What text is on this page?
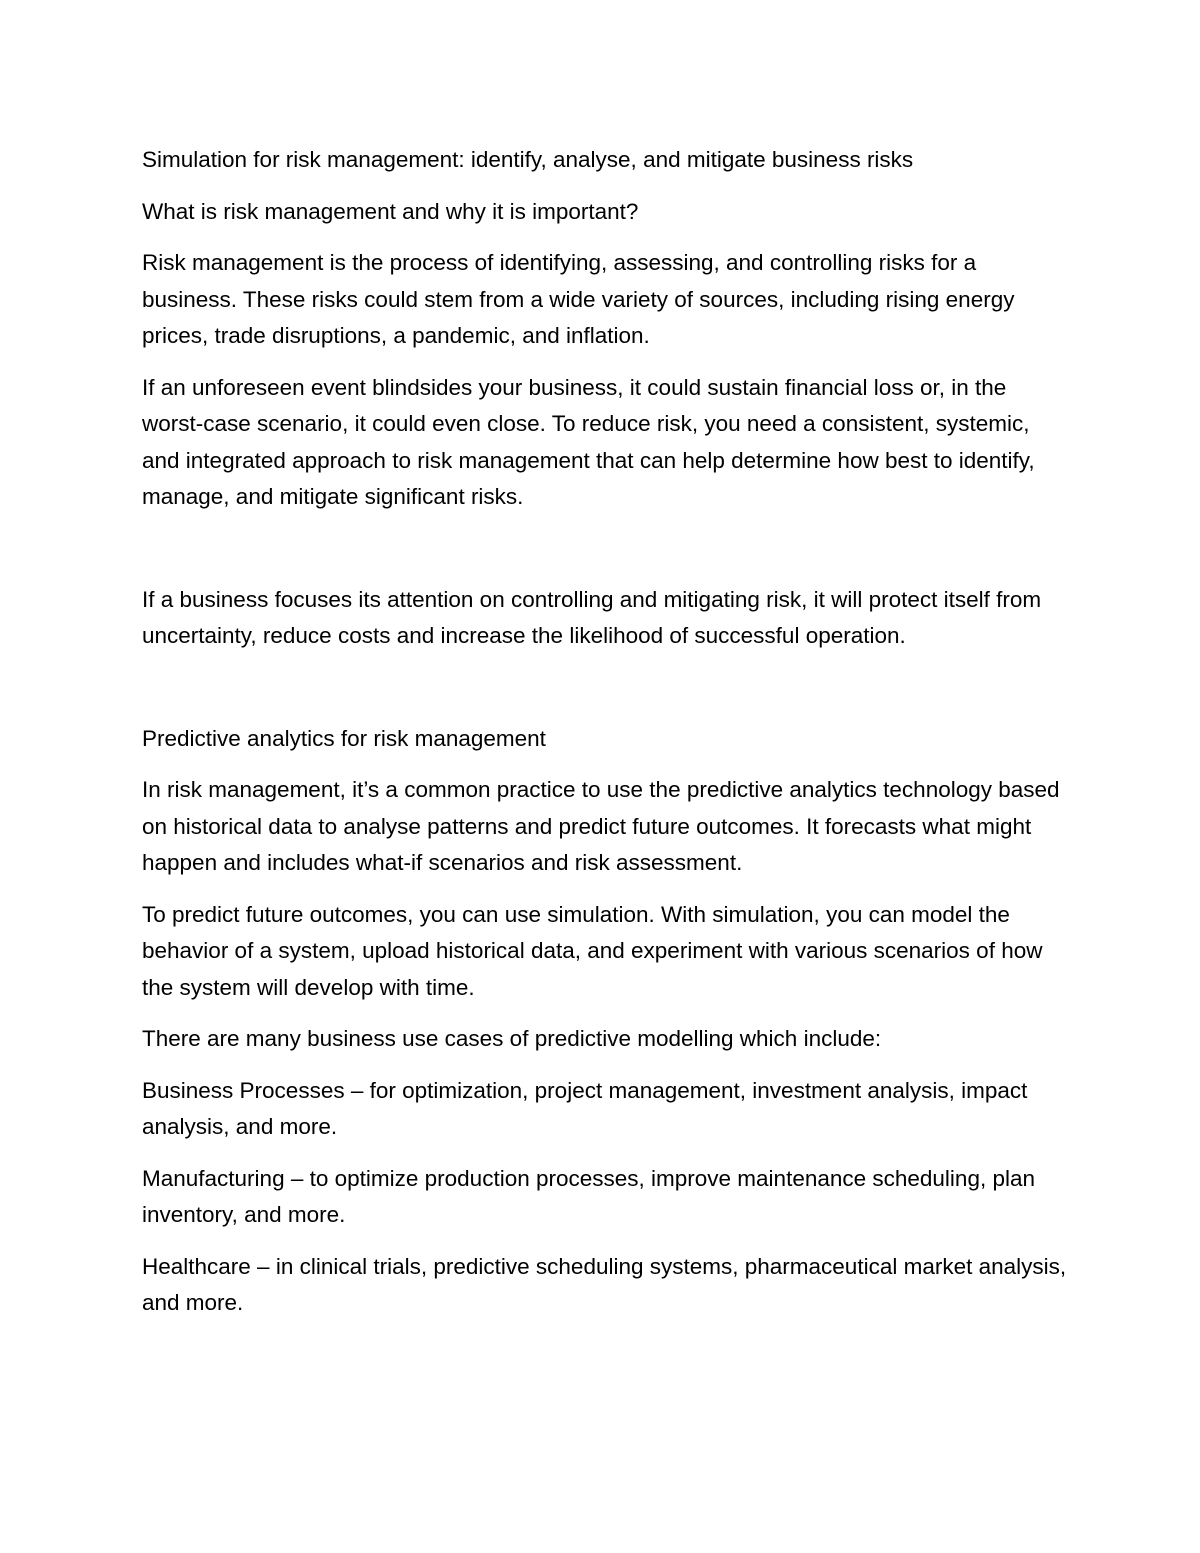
Simulation for risk management: identify, analyse, and mitigate business risks

What is risk management and why it is important?

Risk management is the process of identifying, assessing, and controlling risks for a business. These risks could stem from a wide variety of sources, including rising energy prices, trade disruptions, a pandemic, and inflation.

If an unforeseen event blindsides your business, it could sustain financial loss or, in the worst-case scenario, it could even close. To reduce risk, you need a consistent, systemic, and integrated approach to risk management that can help determine how best to identify, manage, and mitigate significant risks.

If a business focuses its attention on controlling and mitigating risk, it will protect itself from uncertainty, reduce costs and increase the likelihood of successful operation.

Predictive analytics for risk management

In risk management, it’s a common practice to use the predictive analytics technology based on historical data to analyse patterns and predict future outcomes. It forecasts what might happen and includes what-if scenarios and risk assessment.

To predict future outcomes, you can use simulation. With simulation, you can model the behavior of a system, upload historical data, and experiment with various scenarios of how the system will develop with time.

There are many business use cases of predictive modelling which include:

Business Processes – for optimization, project management, investment analysis, impact analysis, and more.

Manufacturing – to optimize production processes, improve maintenance scheduling, plan inventory, and more.

Healthcare – in clinical trials, predictive scheduling systems, pharmaceutical market analysis, and more.
